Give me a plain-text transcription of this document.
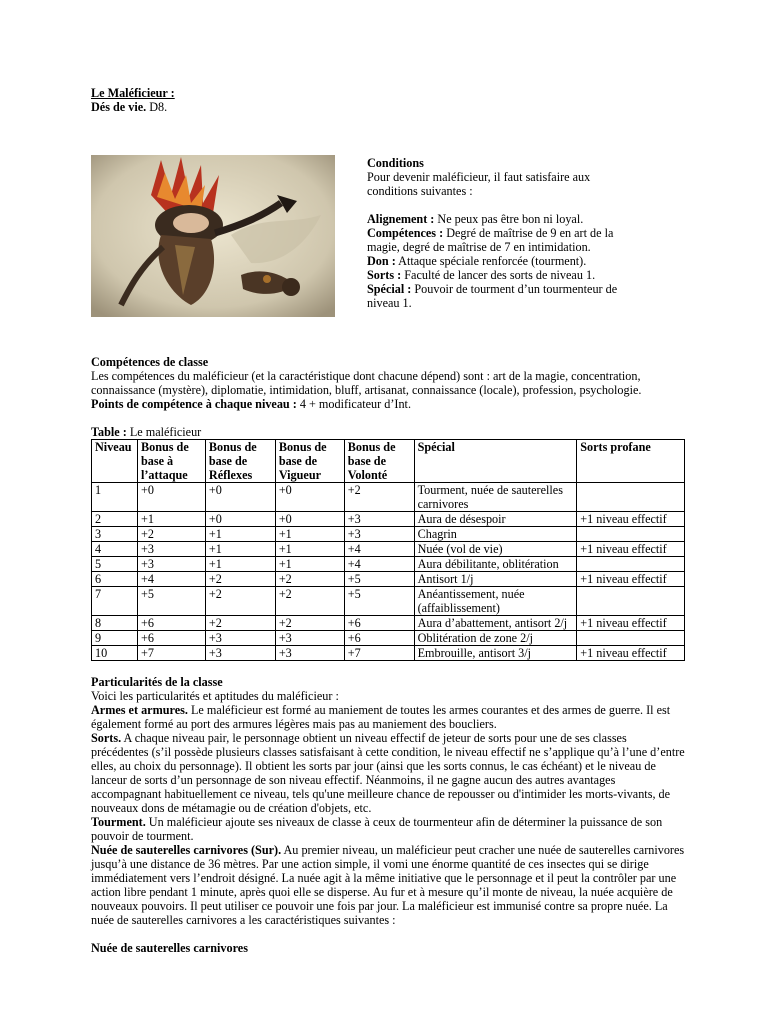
Le Maléficieur :
Dés de vie. D8.
Conditions
Pour devenir maléficieur, il faut satisfaire aux conditions suivantes :
Alignement : Ne peux pas être bon ni loyal.
Compétences : Degré de maîtrise de 9 en art de la magie, degré de maîtrise de 7 en intimidation.
Don : Attaque spéciale renforcée (tourment).
Sorts : Faculté de lancer des sorts de niveau 1.
Spécial : Pouvoir de tourment d’un tourmenteur de niveau 1.
Compétences de classe
Les compétences du maléficieur (et la caractéristique dont chacune dépend) sont : art de la magie, concentration, connaissance (mystère), diplomatie, intimidation, bluff, artisanat, connaissance (locale), profession, psychologie.
Points de compétence à chaque niveau : 4 + modificateur d’Int.
Table : Le maléficieur
Niveau	Bonus de base à l’attaque	Bonus de base de Réflexes	Bonus de base de Vigueur	Bonus de base de Volonté	Spécial	Sorts profane
1	+0	+0	+0	+2	Tourment, nuée de sauterelles carnivores	
2	+1	+0	+0	+3	Aura de désespoir	+1 niveau effectif
3	+2	+1	+1	+3	Chagrin	
4	+3	+1	+1	+4	Nuée (vol de vie)	+1 niveau effectif
5	+3	+1	+1	+4	Aura débilitante, oblitération	
6	+4	+2	+2	+5	Antisort 1/j	+1 niveau effectif
7	+5	+2	+2	+5	Anéantissement, nuée (affaiblissement)	
8	+6	+2	+2	+6	Aura d’abattement, antisort 2/j	+1 niveau effectif
9	+6	+3	+3	+6	Oblitération de zone 2/j	
10	+7	+3	+3	+7	Embrouille, antisort 3/j	+1 niveau effectif
Particularités de la classe
Voici les particularités et aptitudes du maléficieur :

Armes et armures. Le maléficieur est formé au maniement de toutes les armes courantes et des armes de guerre. Il est également formé au port des armures légères mais pas au maniement des boucliers.

Sorts. A chaque niveau pair, le personnage obtient un niveau effectif de jeteur de sorts pour une de ses classes précédentes (s’il possède plusieurs classes satisfaisant à cette condition, le niveau effectif ne s’applique qu’à l’une d’entre elles, au choix du personnage). Il obtient les sorts par jour (ainsi que les sorts connus, le cas échéant) et le niveau de lanceur de sorts d’un personnage de son niveau effectif. Néanmoins, il ne gagne aucun des autres avantages accompagnant habituellement ce niveau, tels qu'une meilleure chance de repousser ou d'intimider les morts-vivants, de nouveaux dons de métamagie ou de création d'objets, etc.

Tourment. Un maléficieur ajoute ses niveaux de classe à ceux de tourmenteur afin de déterminer la puissance de son pouvoir de tourment.

Nuée de sauterelles carnivores (Sur). Au premier niveau, un maléficieur peut cracher une nuée de sauterelles carnivores jusqu’à une distance de 36 mètres. Par une action simple, il vomi une énorme quantité de ces insectes qui se dirige immédiatement vers l’endroit désigné. La nuée agit à la même initiative que le personnage et il peut la contrôler par une action libre pendant 1 minute, après quoi elle se disperse. Au fur et à mesure qu’il monte de niveau, la nuée acquière de nouveaux pouvoirs. Il peut utiliser ce pouvoir une fois par jour. La maléficieur est immunisé contre sa propre nuée. La nuée de sauterelles carnivores a les caractéristiques suivantes :

Nuée de sauterelles carnivores
